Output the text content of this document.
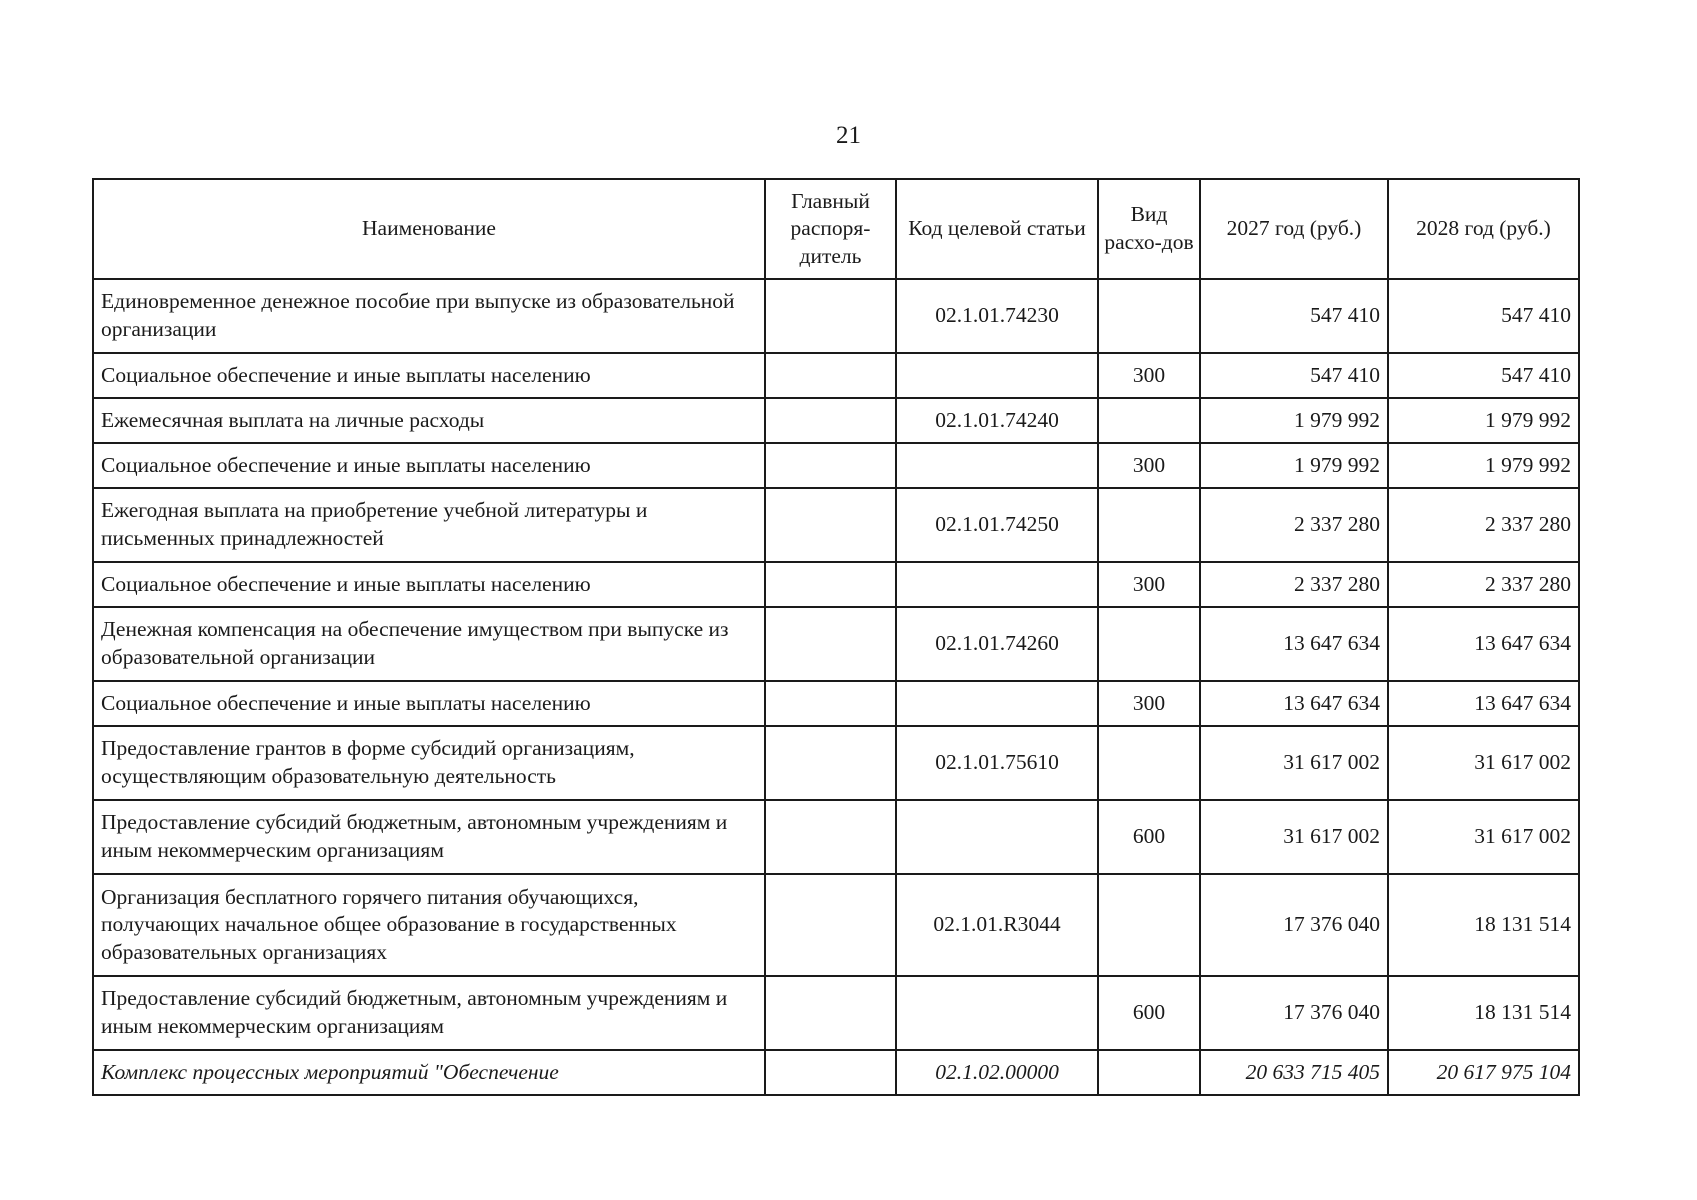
21
Наименование	Главный распоря-дитель	Код целевой статьи	Вид расхо-дов	2027 год (руб.)	2028 год (руб.)
Единовременное денежное пособие при выпуске из образовательной организации		02.1.01.74230		547 410	547 410
Социальное обеспечение и иные выплаты населению			300	547 410	547 410
Ежемесячная выплата на личные расходы		02.1.01.74240		1 979 992	1 979 992
Социальное обеспечение и иные выплаты населению			300	1 979 992	1 979 992
Ежегодная выплата на приобретение учебной литературы и письменных принадлежностей		02.1.01.74250		2 337 280	2 337 280
Социальное обеспечение и иные выплаты населению			300	2 337 280	2 337 280
Денежная компенсация на обеспечение имуществом при выпуске из образовательной организации		02.1.01.74260		13 647 634	13 647 634
Социальное обеспечение и иные выплаты населению			300	13 647 634	13 647 634
Предоставление грантов в форме субсидий организациям, осуществляющим образовательную деятельность		02.1.01.75610		31 617 002	31 617 002
Предоставление субсидий бюджетным, автономным учреждениям и иным некоммерческим организациям			600	31 617 002	31 617 002
Организация бесплатного горячего питания обучающихся, получающих начальное общее образование в государственных образовательных организациях		02.1.01.R3044		17 376 040	18 131 514
Предоставление субсидий бюджетным, автономным учреждениям и иным некоммерческим организациям			600	17 376 040	18 131 514
Комплекс процессных мероприятий "Обеспечение		02.1.02.00000		20 633 715 405	20 617 975 104
